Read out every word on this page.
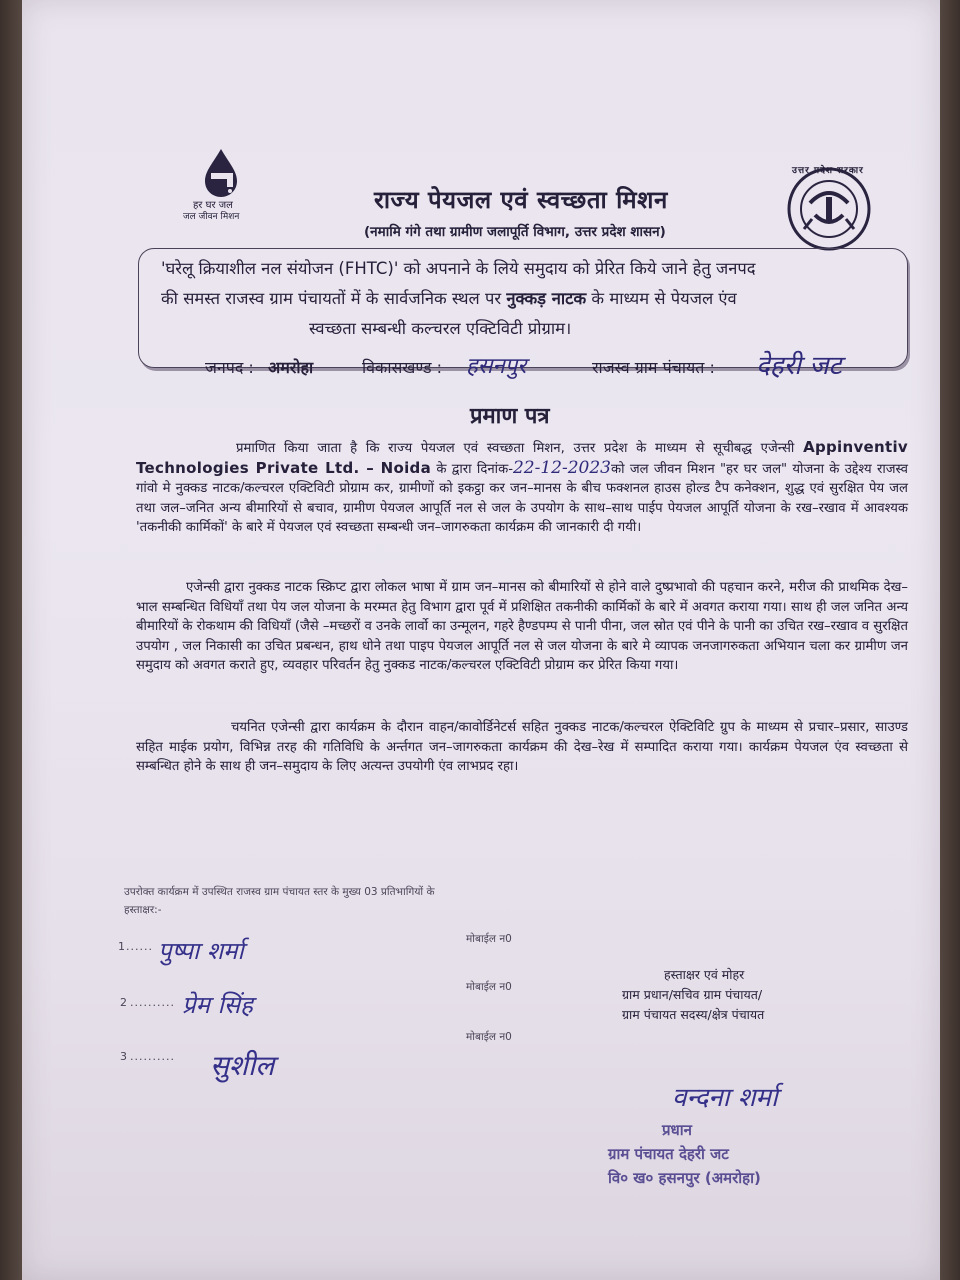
हर घर जल
जल जीवन मिशन
राज्य पेयजल एवं स्वच्छता मिशन
(नमामि गंगे तथा ग्रामीण जलापूर्ति विभाग, उत्तर प्रदेश शासन)
उत्तर प्रदेश सरकार

'घरेलू क्रियाशील नल संयोजन (FHTC)' को अपनाने के लिये समुदाय को प्रेरित किये जाने हेतु जनपद

की समस्त राजस्व ग्राम पंचायतों में के सार्वजनिक स्थल पर नुक्कड़ नाटक के माध्यम से पेयजल एंव

स्वच्छता सम्बन्धी कल्चरल एक्टिविटी प्रोग्राम।

जनपद : अमरोहा	विकासखण्ड : हसनपुर	राजस्व ग्राम पंचायत : देहरी जट
प्रमाण पत्र
प्रमाणित किया जाता है कि राज्य पेयजल एवं स्वच्छता मिशन, उत्तर प्रदेश के माध्यम से सूचीबद्ध एजेन्सी Appinventiv Technologies Private Ltd. – Noida के द्वारा दिनांक-22-12-2023को जल जीवन मिशन "हर घर जल" योजना के उद्देश्य राजस्व गांवो मे नुक्कड नाटक/कल्चरल एक्टिविटी प्रोग्राम कर, ग्रामीणों को इकट्ठा कर जन–मानस के बीच फक्शनल हाउस होल्ड टैप कनेक्शन, शुद्ध एवं सुरक्षित पेय जल तथा जल–जनित अन्य बीमारियों से बचाव, ग्रामीण पेयजल आपूर्ति नल से जल के उपयोग के साथ–साथ पाईप पेयजल आपूर्ति योजना के रख–रखाव में आवश्यक 'तकनीकी कार्मिकों' के बारे में पेयजल एवं स्वच्छता सम्बन्धी जन–जागरुकता कार्यक्रम की जानकारी दी गयी।
एजेन्सी द्वारा नुक्कड नाटक स्क्रिप्ट द्वारा लोकल भाषा में ग्राम जन–मानस को बीमारियों से होने वाले दुष्प्रभावो की पहचान करने, मरीज की प्राथमिक देख–भाल सम्बन्धित विधियाँ तथा पेय जल योजना के मरम्मत हेतु विभाग द्वारा पूर्व में प्रशिक्षित तकनीकी कार्मिकों के बारे में अवगत कराया गया। साथ ही जल जनित अन्य बीमारियों के रोकथाम की विधियाँ (जैसे –मच्छरों व उनके लार्वो का उन्मूलन, गहरे हैण्डपम्प से पानी पीना, जल स्रोत एवं पीने के पानी का उचित रख–रखाव व सुरक्षित उपयोग , जल निकासी का उचित प्रबन्धन, हाथ धोने तथा पाइप पेयजल आपूर्ति नल से जल योजना के बारे मे व्यापक जनजागरुकता अभियान चला कर ग्रामीण जन समुदाय को अवगत कराते हुए, व्यवहार परिवर्तन हेतु नुक्कड नाटक/कल्चरल एक्टिविटी प्रोग्राम कर प्रेरित किया गया।
चयनित एजेन्सी द्वारा कार्यक्रम के दौरान वाहन/कावोर्डिनेटर्स सहित नुक्कड नाटक/कल्चरल ऐक्टिविटि ग्रुप के माध्यम से प्रचार–प्रसार, साउण्ड सहित माईक प्रयोग, विभिन्न तरह की गतिविधि के अर्न्तगत जन–जागरुकता कार्यक्रम की देख–रेख में सम्पादित कराया गया। कार्यक्रम पेयजल एंव स्वच्छता से सम्बन्धित होने के साथ ही जन–समुदाय के लिए अत्यन्त उपयोगी एंव लाभप्रद रहा।
उपरोक्त कार्यक्रम में उपस्थित राजस्व ग्राम पंचायत स्तर के मुख्य 03 प्रतिभागियों के
हस्ताक्षर:-
1 ...... पुष्पा शर्मा	मोबाईल न0
2 .......... प्रेम सिंह
मोबाईल न0
3 .......... सुशील
मोबाईल न0
हस्ताक्षर एवं मोहर
ग्राम प्रधान/सचिव ग्राम पंचायत/
ग्राम पंचायत सदस्य/क्षेत्र पंचायत
वन्दना शर्मा
प्रधान
ग्राम पंचायत देहरी जट
वि० ख० हसनपुर (अमरोहा)
